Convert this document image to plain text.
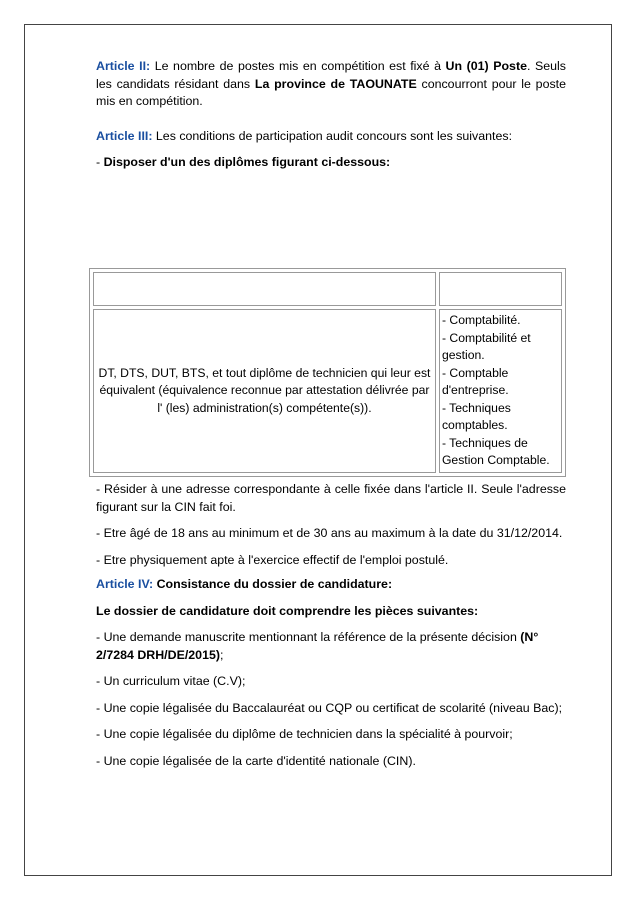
Article II: Le nombre de postes mis en compétition est fixé à Un (01) Poste. Seuls les candidats résidant dans La province de TAOUNATE concourront pour le poste mis en compétition.

Article III: Les conditions de participation audit concours sont les suivantes:

- Disposer d'un des diplômes figurant ci-dessous:

DT, DTS, DUT, BTS, et tout diplôme de technicien qui leur est équivalent (équivalence reconnue par attestation délivrée par l' (les) administration(s) compétente(s)).	- Comptabilité.
- Comptabilité et gestion.
- Comptable d'entreprise.
- Techniques comptables.
- Techniques de Gestion Comptable.

- Résider à une adresse correspondante à celle fixée dans l'article II. Seule l'adresse figurant sur la CIN fait foi.

- Etre âgé de 18 ans au minimum et de 30 ans au maximum à la date du 31/12/2014.

- Etre physiquement apte à l'exercice effectif de l'emploi postulé.

Article IV: Consistance du dossier de candidature:

Le dossier de candidature doit comprendre les pièces suivantes:

- Une demande manuscrite mentionnant la référence de la présente décision (N° 2/7284 DRH/DE/2015);

- Un curriculum vitae (C.V);

- Une copie légalisée du Baccalauréat ou CQP ou certificat de scolarité (niveau Bac);

- Une copie légalisée du diplôme de technicien dans la spécialité à pourvoir;

- Une copie légalisée de la carte d'identité nationale (CIN).
